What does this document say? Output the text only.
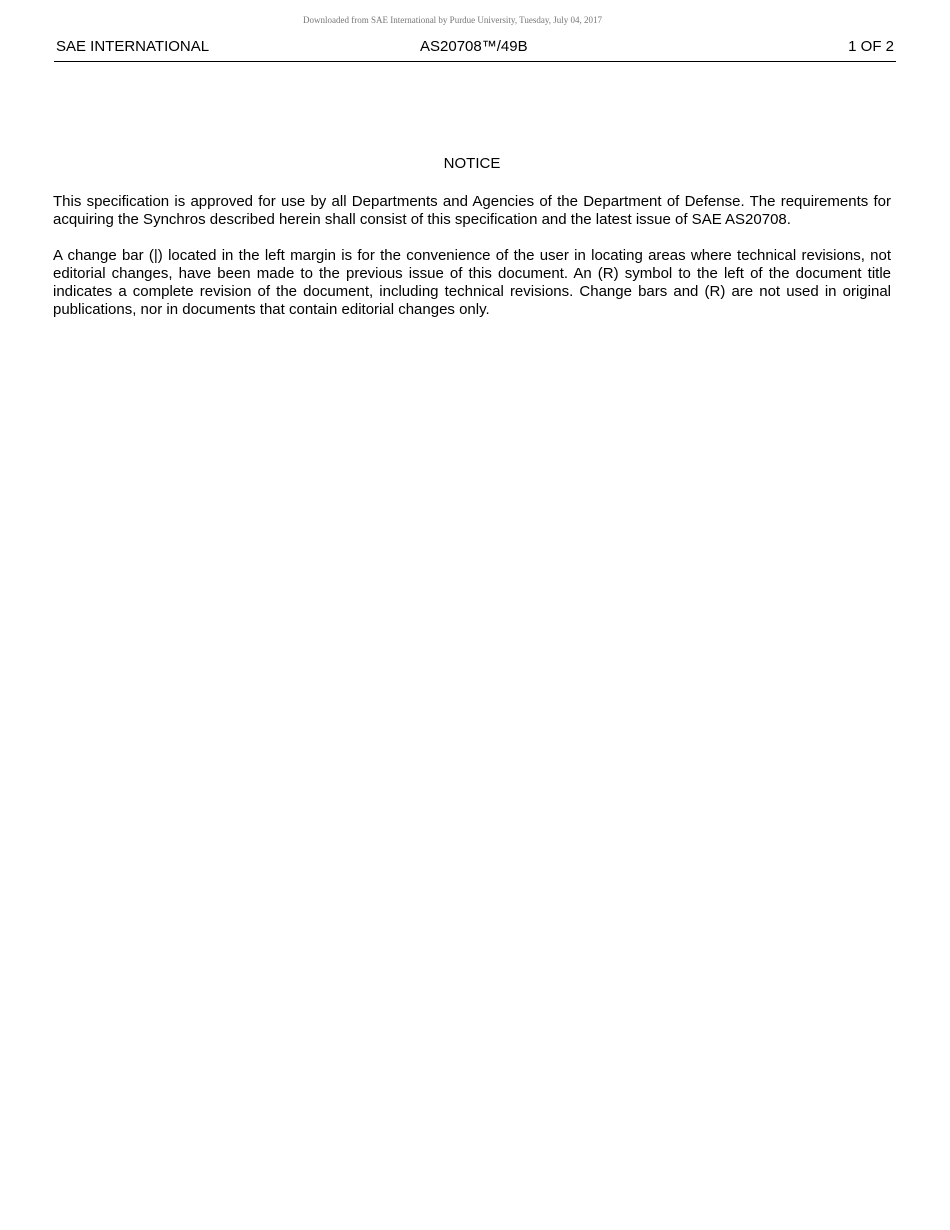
Downloaded from SAE International by Purdue University, Tuesday, July 04, 2017
SAE INTERNATIONAL	AS20708™/49B	1 OF 2
NOTICE

This specification is approved for use by all Departments and Agencies of the Department of Defense. The requirements for acquiring the Synchros described herein shall consist of this specification and the latest issue of SAE AS20708.

A change bar (|) located in the left margin is for the convenience of the user in locating areas where technical revisions, not editorial changes, have been made to the previous issue of this document. An (R) symbol to the left of the document title indicates a complete revision of the document, including technical revisions. Change bars and (R) are not used in original publications, nor in documents that contain editorial changes only.
